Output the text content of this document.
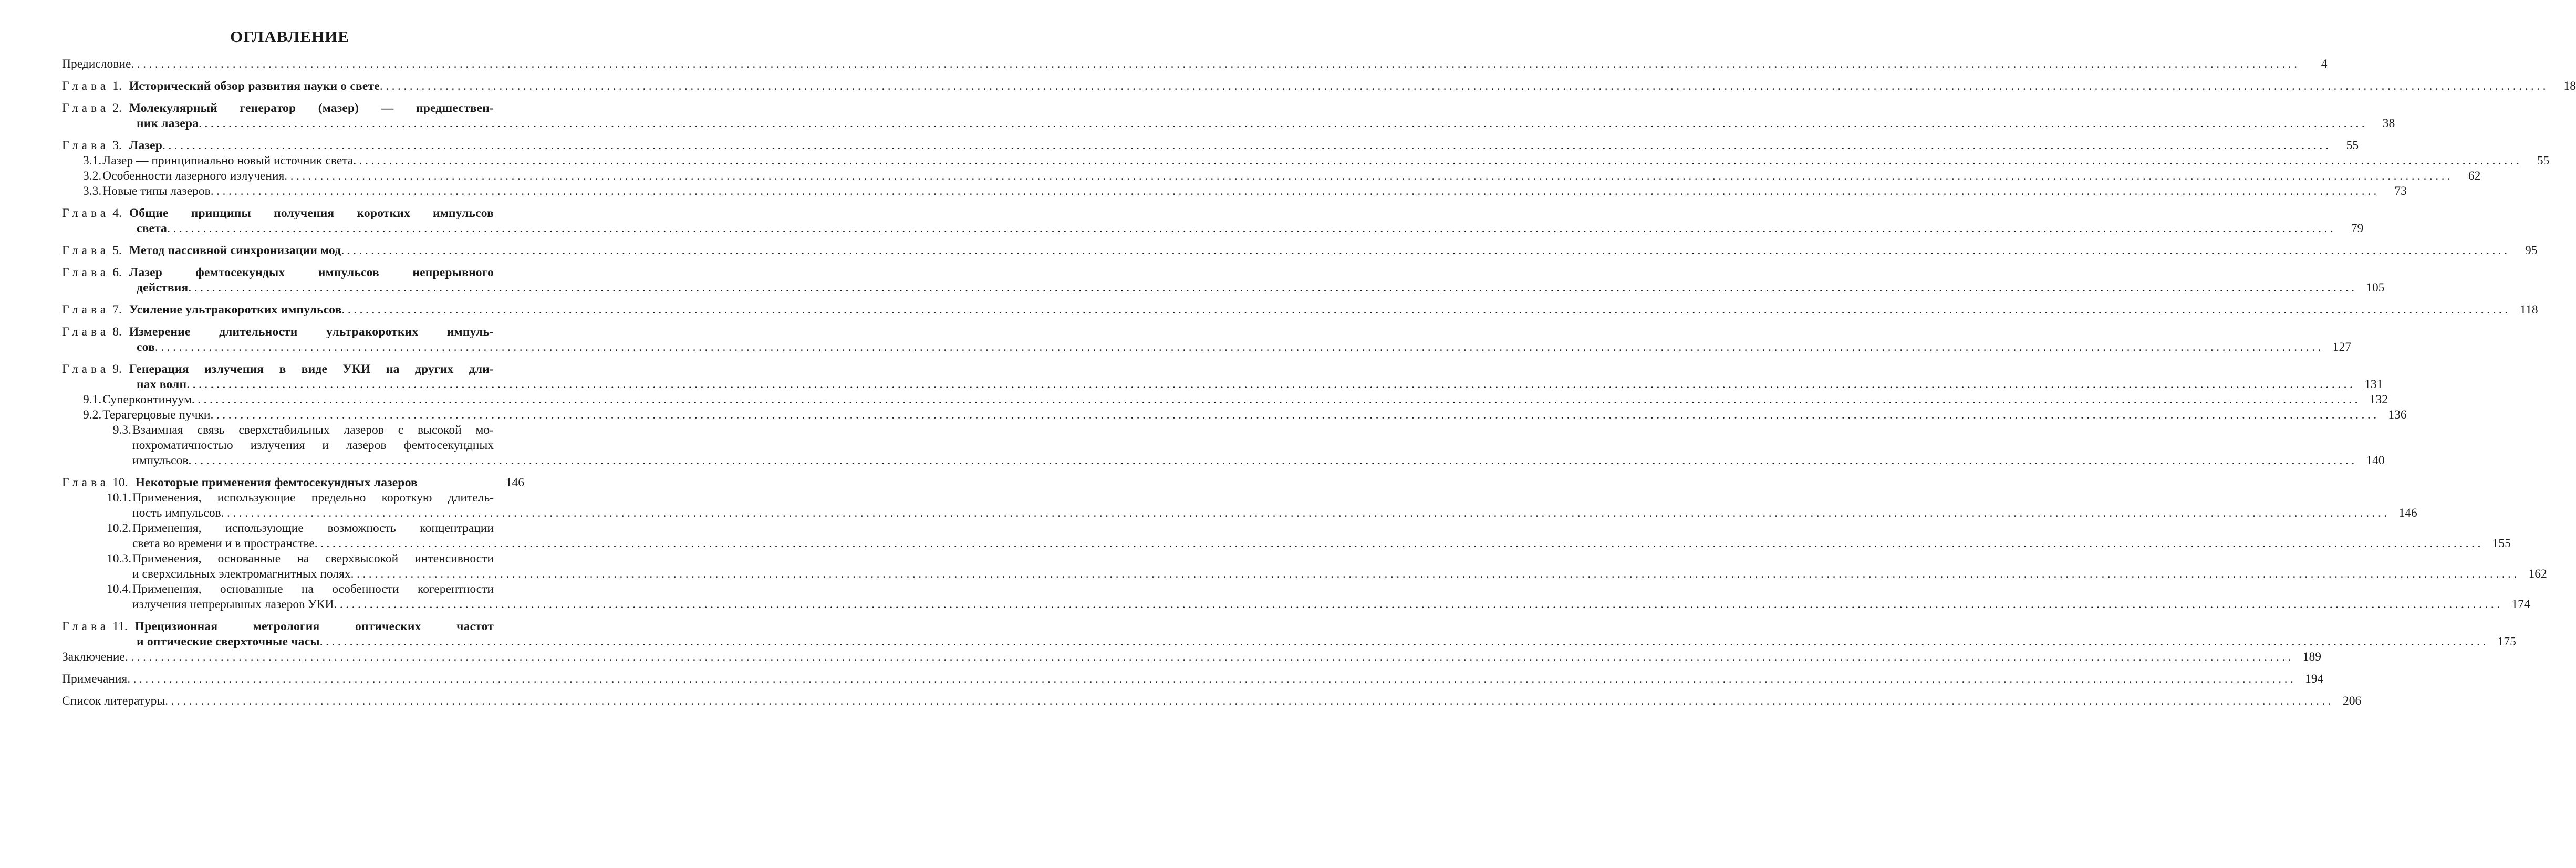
ОГЛАВЛЕНИЕ
Предисловие .....	4
Глава 1. Исторический обзор развития науки о свете .....	18
Глава 2. Молекулярный генератор (мазер) — предшествен-
ник лазера .....	38
Глава 3. Лазер .....	55
3.1. Лазер — принципиально новый источник света .....	55
3.2. Особенности лазерного излучения .....	62
3.3. Новые типы лазеров .....	73
Глава 4. Общие принципы получения коротких импульсов
света .....	79
Глава 5. Метод пассивной синхронизации мод .....	95
Глава 6. Лазер фемтосекундых импульсов непрерывного
действия .....	105
Глава 7. Усиление ультракоротких импульсов .....	118
Глава 8. Измерение длительности ультракоротких импуль-
сов .....	127
Глава 9. Генерация излучения в виде УКИ на других дли-
нах волн .....	131
9.1. Суперконтинуум .....	132
9.2. Терагерцовые пучки .....	136
9.3. Взаимная связь сверхстабильных лазеров с высокой мо-
нохроматичностью излучения и лазеров фемтосекундных
импульсов .....	140
Глава 10. Некоторые применения фемтосекундных лазеров	146
10.1. Применения, использующие предельно короткую длитель-
ность импульсов .....	146
10.2. Применения, использующие возможность концентрации
света во времени и в пространстве .....	155
10.3. Применения, основанные на сверхвысокой интенсивности
и сверхсильных электромагнитных полях .....	162
10.4. Применения, основанные на особенности когерентности
излучения непрерывных лазеров УКИ .....	174
Глава 11. Прецизионная метрология оптических частот
и оптические сверхточные часы .....	175
Заключение .....	189
Примечания .....	194
Список литературы .....	206
